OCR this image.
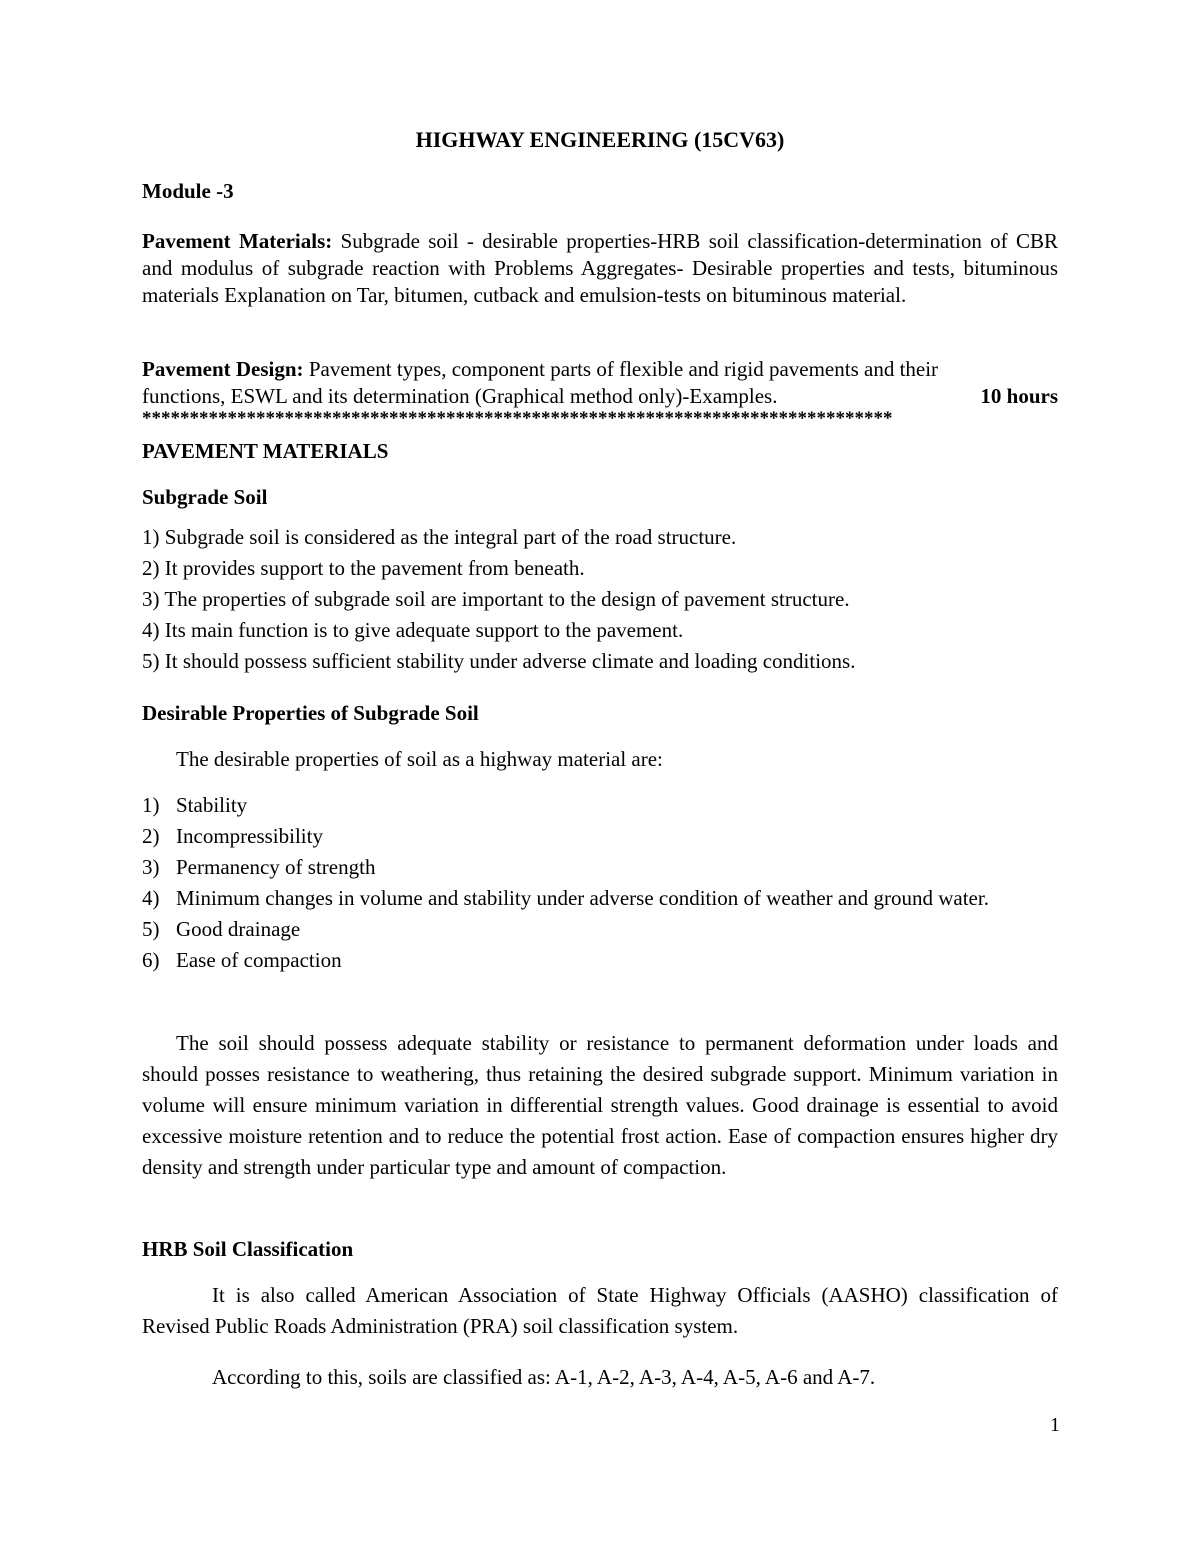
HIGHWAY ENGINEERING (15CV63)
Module -3
Pavement Materials: Subgrade soil - desirable properties-HRB soil classification-determination of CBR and modulus of subgrade reaction with Problems Aggregates- Desirable properties and tests, bituminous materials Explanation on Tar, bitumen, cutback and emulsion-tests on bituminous material.
Pavement Design: Pavement types, component parts of flexible and rigid pavements and their
functions, ESWL and its determination (Graphical method only)-Examples.	10 hours
*******************************************************************************
PAVEMENT MATERIALS
Subgrade Soil
1) Subgrade soil is considered as the integral part of the road structure.
2) It provides support to the pavement from beneath.
3) The properties of subgrade soil are important to the design of pavement structure.
4) Its main function is to give adequate support to the pavement.
5) It should possess sufficient stability under adverse climate and loading conditions.
Desirable Properties of Subgrade Soil
The desirable properties of soil as a highway material are:
1) Stability
2) Incompressibility
3) Permanency of strength
4) Minimum changes in volume and stability under adverse condition of weather and ground water.
5) Good drainage
6) Ease of compaction
The soil should possess adequate stability or resistance to permanent deformation under loads and should posses resistance to weathering, thus retaining the desired subgrade support. Minimum variation in volume will ensure minimum variation in differential strength values. Good drainage is essential to avoid excessive moisture retention and to reduce the potential frost action. Ease of compaction ensures higher dry density and strength under particular type and amount of compaction.
HRB Soil Classification
It is also called American Association of State Highway Officials (AASHO) classification of Revised Public Roads Administration (PRA) soil classification system.
According to this, soils are classified as: A-1, A-2, A-3, A-4, A-5, A-6 and A-7.
1
